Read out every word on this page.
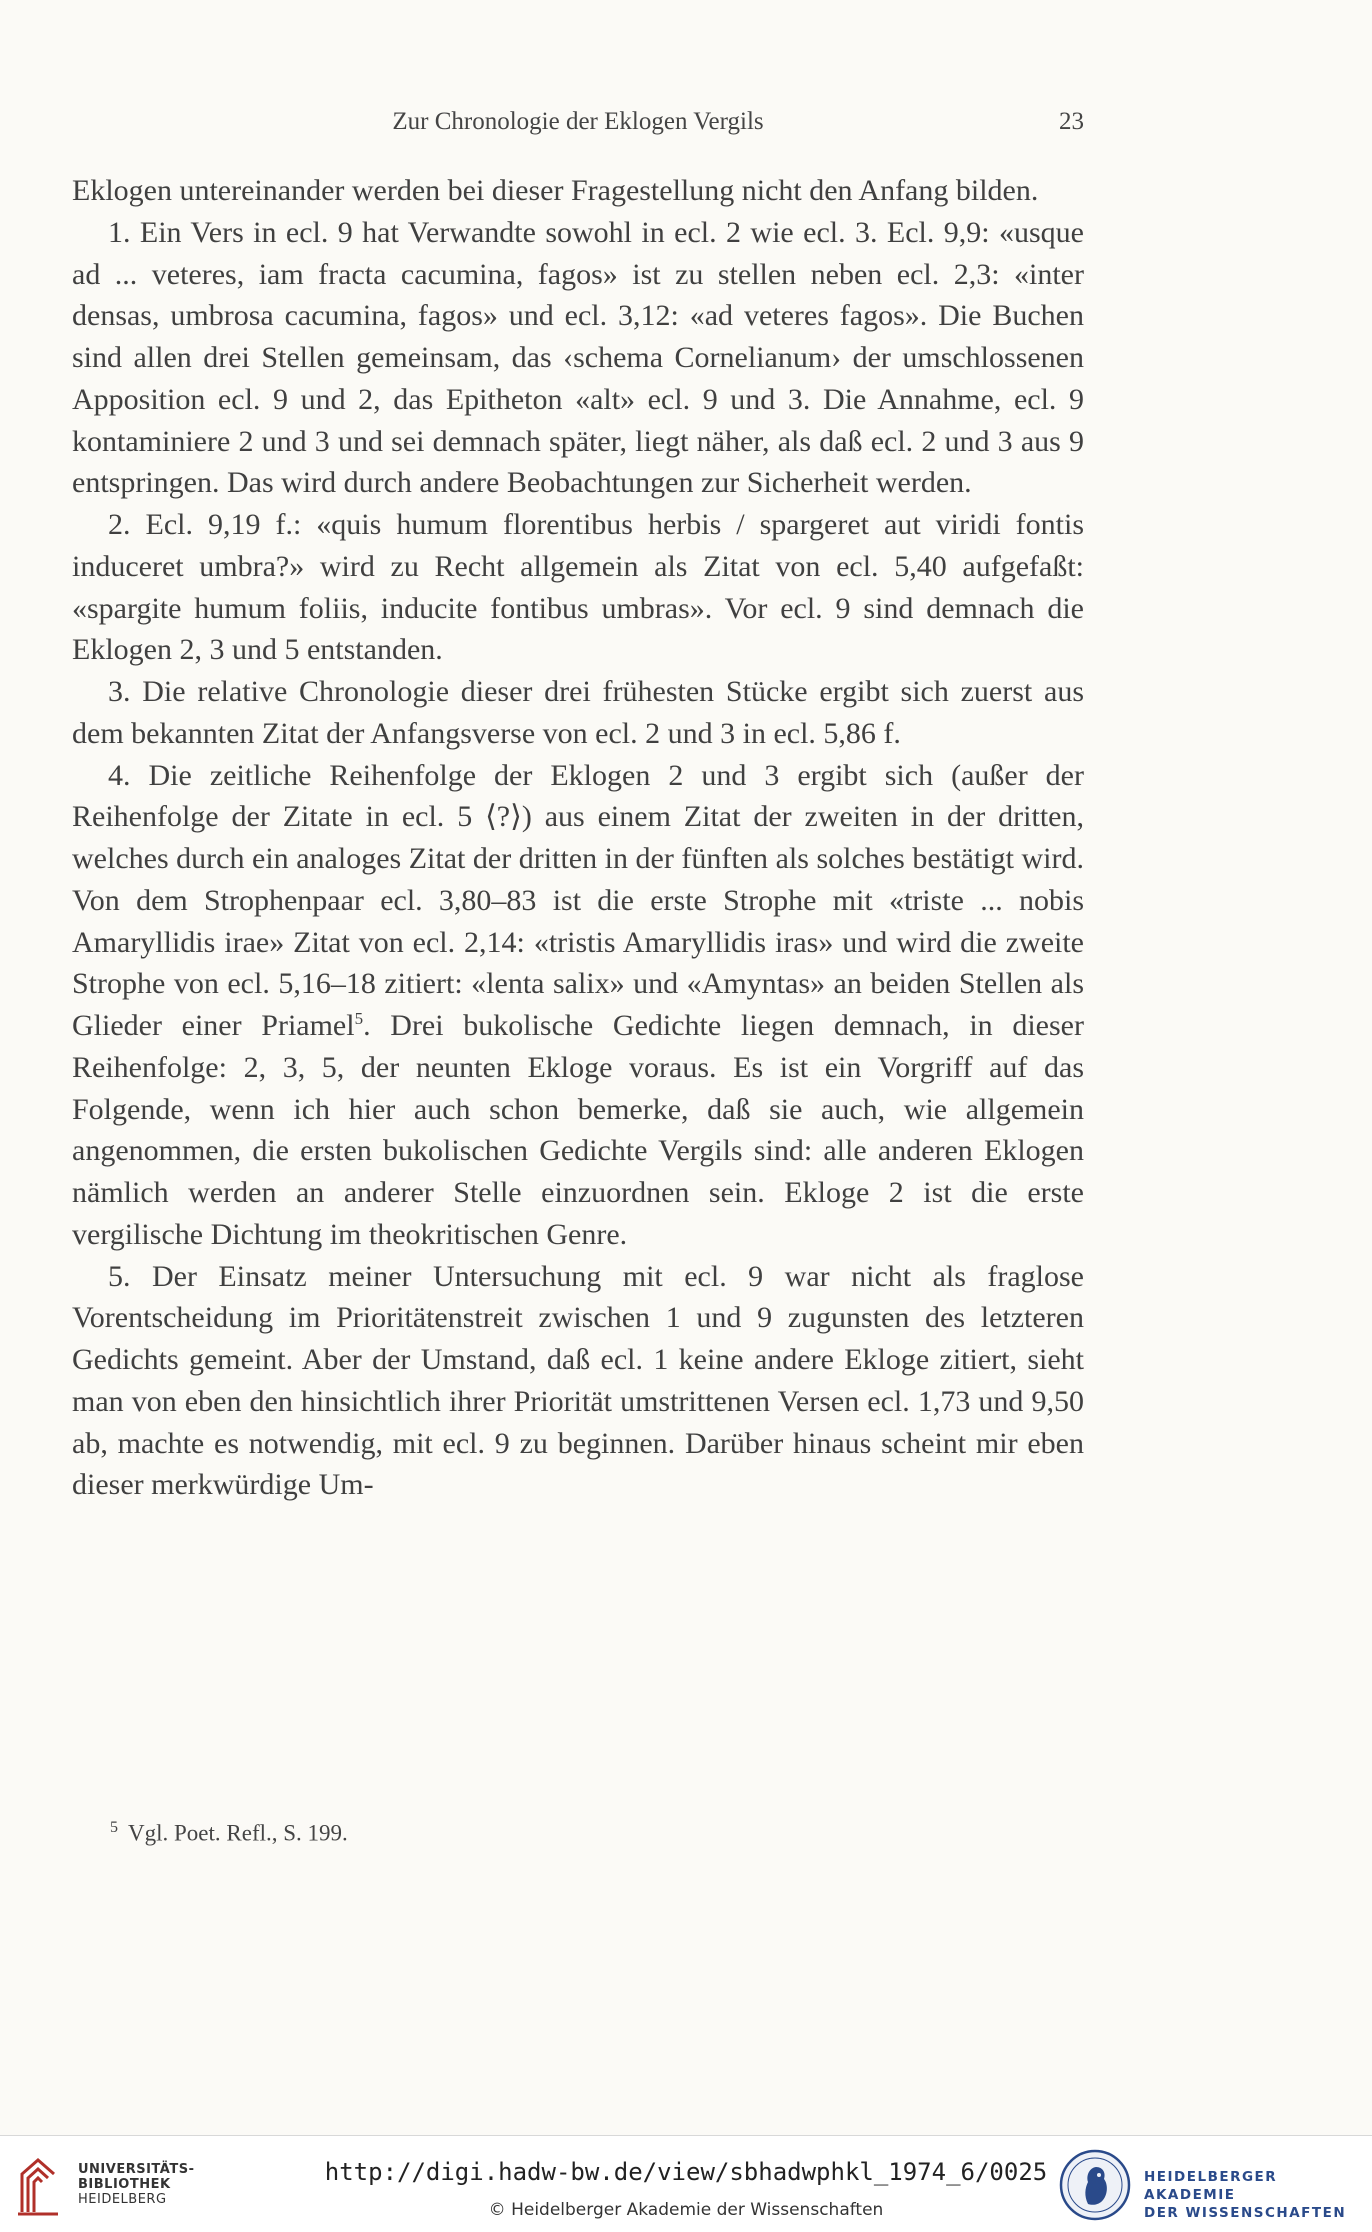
Zur Chronologie der Eklogen Vergils	23

Eklogen untereinander werden bei dieser Fragestellung nicht den Anfang bilden.

1. Ein Vers in ecl. 9 hat Verwandte sowohl in ecl. 2 wie ecl. 3. Ecl. 9,9: «usque ad ... veteres, iam fracta cacumina, fagos» ist zu stellen neben ecl. 2,3: «inter densas, umbrosa cacumina, fagos» und ecl. 3,12: «ad veteres fagos». Die Buchen sind allen drei Stellen gemeinsam, das ‹schema Cornelianum› der umschlossenen Apposition ecl. 9 und 2, das Epitheton «alt» ecl. 9 und 3. Die Annahme, ecl. 9 kontaminiere 2 und 3 und sei demnach später, liegt näher, als daß ecl. 2 und 3 aus 9 entspringen. Das wird durch andere Beobachtungen zur Sicherheit werden.

2. Ecl. 9,19 f.: «quis humum florentibus herbis / spargeret aut viridi fontis induceret umbra?» wird zu Recht allgemein als Zitat von ecl. 5,40 aufgefaßt: «spargite humum foliis, inducite fontibus umbras». Vor ecl. 9 sind demnach die Eklogen 2, 3 und 5 entstanden.

3. Die relative Chronologie dieser drei frühesten Stücke ergibt sich zuerst aus dem bekannten Zitat der Anfangsverse von ecl. 2 und 3 in ecl. 5,86 f.

4. Die zeitliche Reihenfolge der Eklogen 2 und 3 ergibt sich (außer der Reihenfolge der Zitate in ecl. 5 ⟨?⟩) aus einem Zitat der zweiten in der dritten, welches durch ein analoges Zitat der dritten in der fünften als solches bestätigt wird. Von dem Strophenpaar ecl. 3,80–83 ist die erste Strophe mit «triste ... nobis Amaryllidis irae» Zitat von ecl. 2,14: «tristis Amaryllidis iras» und wird die zweite Strophe von ecl. 5,16–18 zitiert: «lenta salix» und «Amyntas» an beiden Stellen als Glieder einer Priamel$^5$. Drei bukolische Gedichte liegen demnach, in dieser Reihenfolge: 2, 3, 5, der neunten Ekloge voraus. Es ist ein Vorgriff auf das Folgende, wenn ich hier auch schon bemerke, daß sie auch, wie allgemein angenommen, die ersten bukolischen Gedichte Vergils sind: alle anderen Eklogen nämlich werden an anderer Stelle einzuordnen sein. Ekloge 2 ist die erste vergilische Dichtung im theokritischen Genre.

5. Der Einsatz meiner Untersuchung mit ecl. 9 war nicht als fraglose Vorentscheidung im Prioritätenstreit zwischen 1 und 9 zugunsten des letzteren Gedichts gemeint. Aber der Umstand, daß ecl. 1 keine andere Ekloge zitiert, sieht man von eben den hinsichtlich ihrer Priorität umstrittenen Versen ecl. 1,73 und 9,50 ab, machte es notwendig, mit ecl. 9 zu beginnen. Darüber hinaus scheint mir eben dieser merkwürdige Um-

$^5$ Vgl. Poet. Refl., S. 199.
UNIVERSITÄTS-
BIBLIOTHEK
HEIDELBERG
http://digi.hadw-bw.de/view/sbhadwphkl_1974_6/0025
© Heidelberger Akademie der Wissenschaften
HEIDELBERGER AKADEMIE
DER WISSENSCHAFTEN
